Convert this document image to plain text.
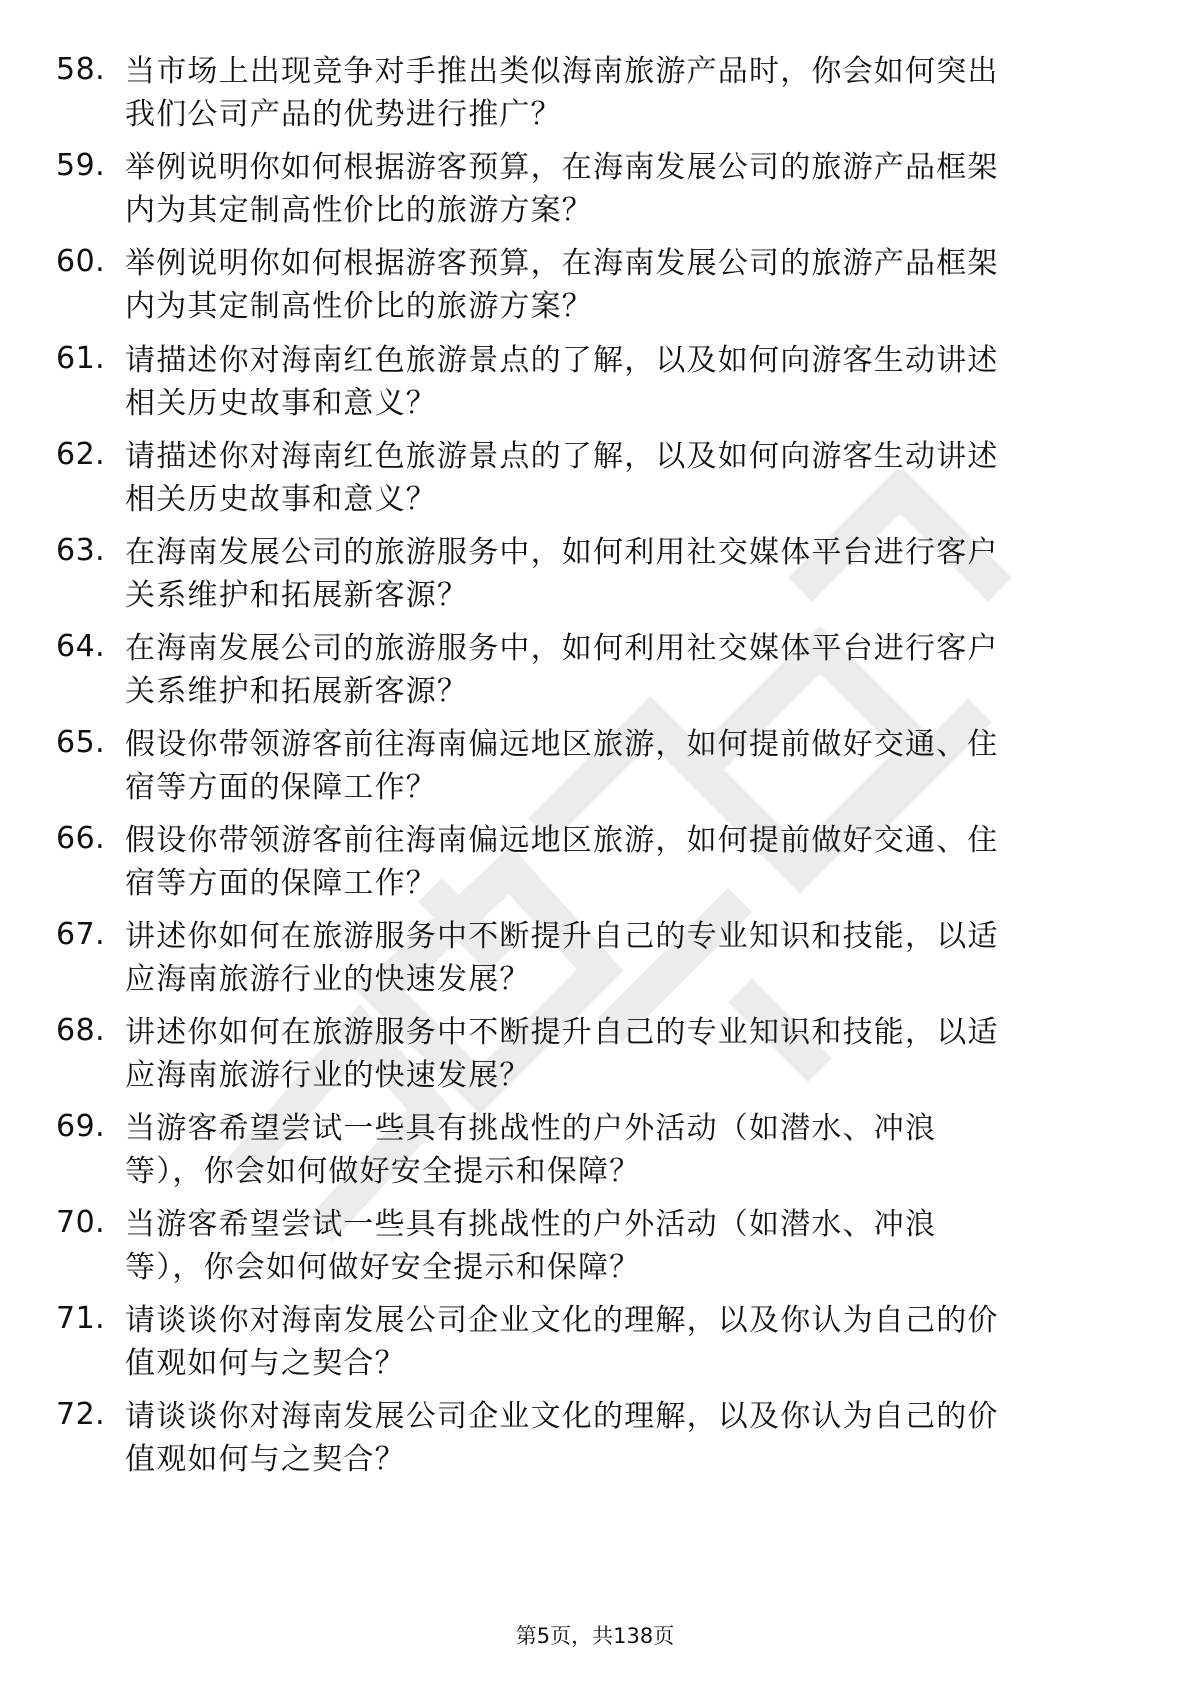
58. 当市场上出现竞争对手推出类似海南旅游产品时，你会如何突出
我们公司产品的优势进行推广？
59. 举例说明你如何根据游客预算，在海南发展公司的旅游产品框架
内为其定制高性价比的旅游方案？
60. 举例说明你如何根据游客预算，在海南发展公司的旅游产品框架
内为其定制高性价比的旅游方案？
61. 请描述你对海南红色旅游景点的了解，以及如何向游客生动讲述
相关历史故事和意义？
62. 请描述你对海南红色旅游景点的了解，以及如何向游客生动讲述
相关历史故事和意义？
63. 在海南发展公司的旅游服务中，如何利用社交媒体平台进行客户
关系维护和拓展新客源？
64. 在海南发展公司的旅游服务中，如何利用社交媒体平台进行客户
关系维护和拓展新客源？
65. 假设你带领游客前往海南偏远地区旅游，如何提前做好交通、住
宿等方面的保障工作？
66. 假设你带领游客前往海南偏远地区旅游，如何提前做好交通、住
宿等方面的保障工作？
67. 讲述你如何在旅游服务中不断提升自己的专业知识和技能，以适
应海南旅游行业的快速发展？
68. 讲述你如何在旅游服务中不断提升自己的专业知识和技能，以适
应海南旅游行业的快速发展？
69. 当游客希望尝试一些具有挑战性的户外活动（如潜水、冲浪
等），你会如何做好安全提示和保障？
70. 当游客希望尝试一些具有挑战性的户外活动（如潜水、冲浪
等），你会如何做好安全提示和保障？
71. 请谈谈你对海南发展公司企业文化的理解，以及你认为自己的价
值观如何与之契合？
72. 请谈谈你对海南发展公司企业文化的理解，以及你认为自己的价
值观如何与之契合？
第5页，共138页
